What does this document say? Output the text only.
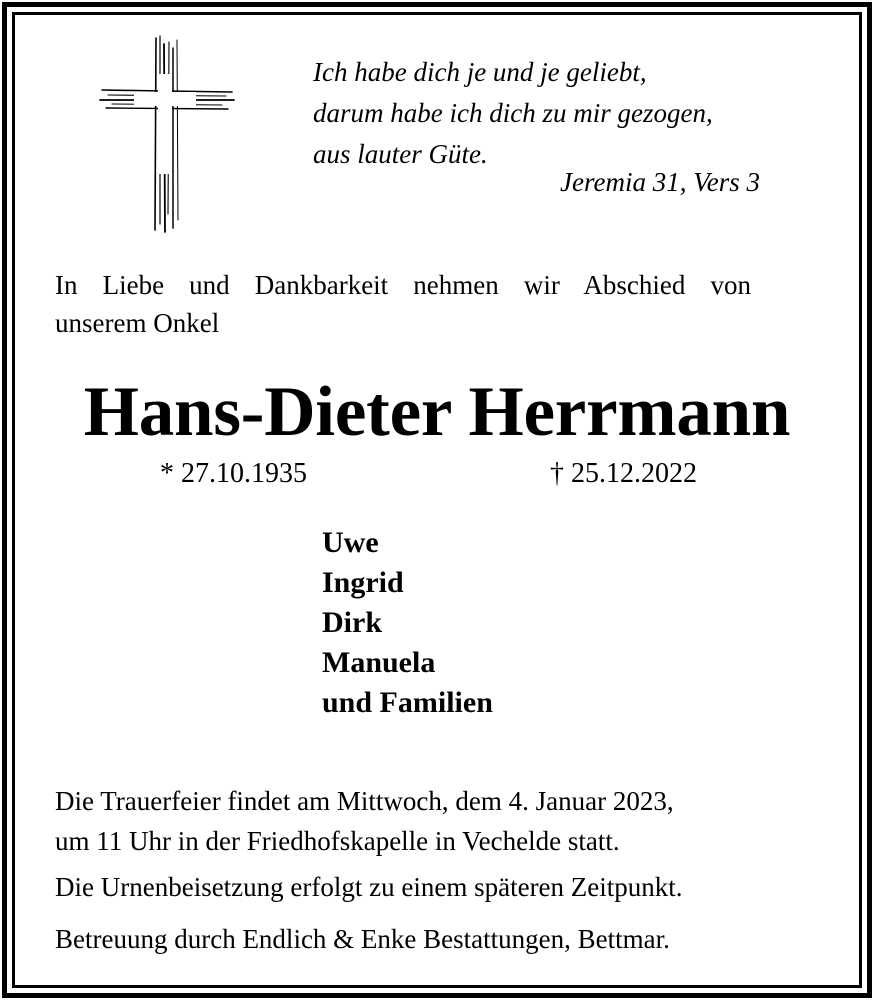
Ich habe dich je und je geliebt,
darum habe ich dich zu mir gezogen,
aus lauter Güte.
Jeremia 31, Vers 3
In Liebe und Dankbarkeit nehmen wir Abschied von
unserem Onkel
Hans-Dieter Herrmann
* 27.10.1935	† 25.12.2022
Uwe
Ingrid
Dirk
Manuela
und Familien
Die Trauerfeier findet am Mittwoch, dem 4. Januar 2023,
um 11 Uhr in der Friedhofskapelle in Vechelde statt.
Die Urnenbeisetzung erfolgt zu einem späteren Zeitpunkt.
Betreuung durch Endlich & Enke Bestattungen, Bettmar.
